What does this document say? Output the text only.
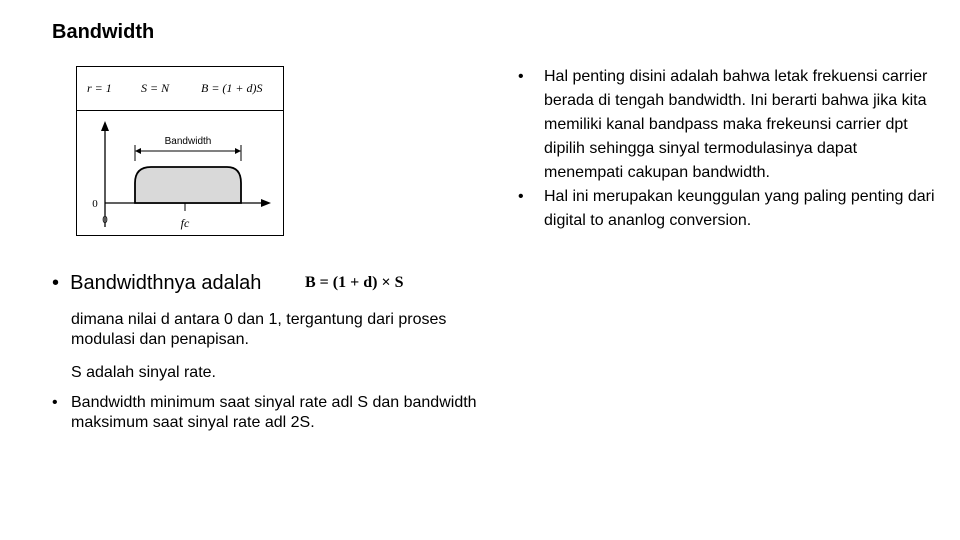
Bandwidth
r = 1 S = N	B = (1 + d)S
Bandwidth
0
0	fc
•  Bandwidthnya adalah	B = (1 + d) × S
dimana nilai d antara 0 dan 1, tergantung dari proses modulasi dan penapisan.
S adalah sinyal rate.
• Bandwidth minimum saat sinyal rate adl S dan bandwidth maksimum saat sinyal rate adl 2S.
•	Hal penting disini adalah bahwa letak frekuensi carrier berada di tengah bandwidth. Ini berarti bahwa jika kita memiliki kanal bandpass maka frekeunsi carrier dpt dipilih sehingga sinyal termodulasinya dapat menempati cakupan bandwidth.
•	Hal ini merupakan keunggulan yang paling penting dari digital to ananlog conversion.
